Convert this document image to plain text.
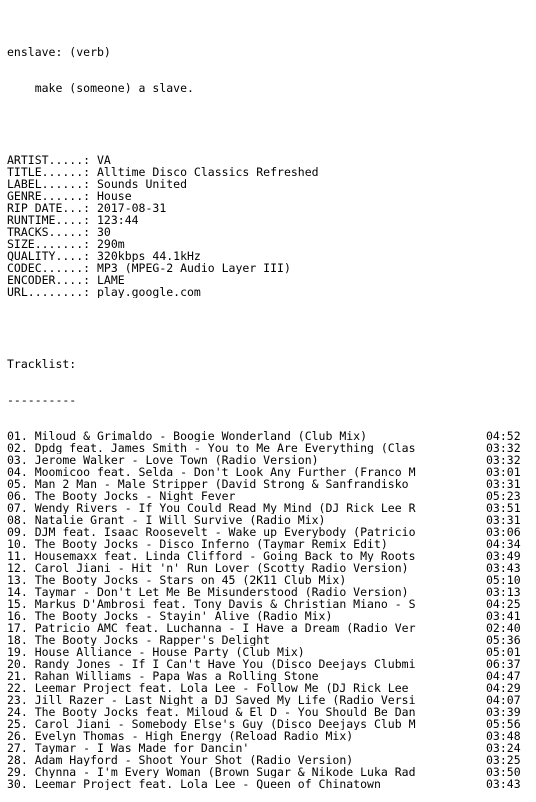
enslave: (verb)

make (someone) a slave.

ARTIST.....: VA
TITLE......: Alltime Disco Classics Refreshed
LABEL......: Sounds United
GENRE......: House
RIP DATE...: 2017-08-31
RUNTIME....: 123:44
TRACKS.....: 30
SIZE.......: 290m
QUALITY....: 320kbps 44.1kHz
CODEC......: MP3 (MPEG-2 Audio Layer III)
ENCODER....: LAME
URL........: play.google.com

Tracklist:

----------

01. Miloud & Grimaldo - Boogie Wonderland (Club Mix)	04:52
02. Dpdg feat. James Smith - You to Me Are Everything (Clas	03:32
03. Jerome Walker - Love Town (Radio Version)	03:32
04. Moomicoo feat. Selda - Don't Look Any Further (Franco M	03:01
05. Man 2 Man - Male Stripper (David Strong & Sanfrandisko	03:31
06. The Booty Jocks - Night Fever	05:23
07. Wendy Rivers - If You Could Read My Mind (DJ Rick Lee R	03:51
08. Natalie Grant - I Will Survive (Radio Mix)	03:31
09. DJM feat. Isaac Roosevelt - Wake up Everybody (Patricio	03:06
10. The Booty Jocks - Disco Inferno (Taymar Remix Edit)	04:34
11. Housemaxx feat. Linda Clifford - Going Back to My Roots	03:49
12. Carol Jiani - Hit 'n' Run Lover (Scotty Radio Version)	03:43
13. The Booty Jocks - Stars on 45 (2K11 Club Mix)	05:10
14. Taymar - Don't Let Me Be Misunderstood (Radio Version)	03:13
15. Markus D'Ambrosi feat. Tony Davis & Christian Miano - S	04:25
16. The Booty Jocks - Stayin' Alive (Radio Mix)	03:41
17. Patricio AMC feat. Luchanna - I Have a Dream (Radio Ver	02:40
18. The Booty Jocks - Rapper's Delight	05:36
19. House Alliance - House Party (Club Mix)	05:01
20. Randy Jones - If I Can't Have You (Disco Deejays Clubmi	06:37
21. Rahan Williams - Papa Was a Rolling Stone	04:47
22. Leemar Project feat. Lola Lee - Follow Me (DJ Rick Lee	04:29
23. Jill Razer - Last Night a DJ Saved My Life (Radio Versi	04:07
24. The Booty Jocks feat. Miloud & El D - You Should Be Dan	03:39
25. Carol Jiani - Somebody Else's Guy (Disco Deejays Club M	05:56
26. Evelyn Thomas - High Energy (Reload Radio Mix)	03:48
27. Taymar - I Was Made for Dancin'	03:24
28. Adam Hayford - Shoot Your Shot (Radio Version)	03:25
29. Chynna - I'm Every Woman (Brown Sugar & Nikode Luka Rad	03:50
30. Leemar Project feat. Lola Lee - Queen of Chinatown	03:43
